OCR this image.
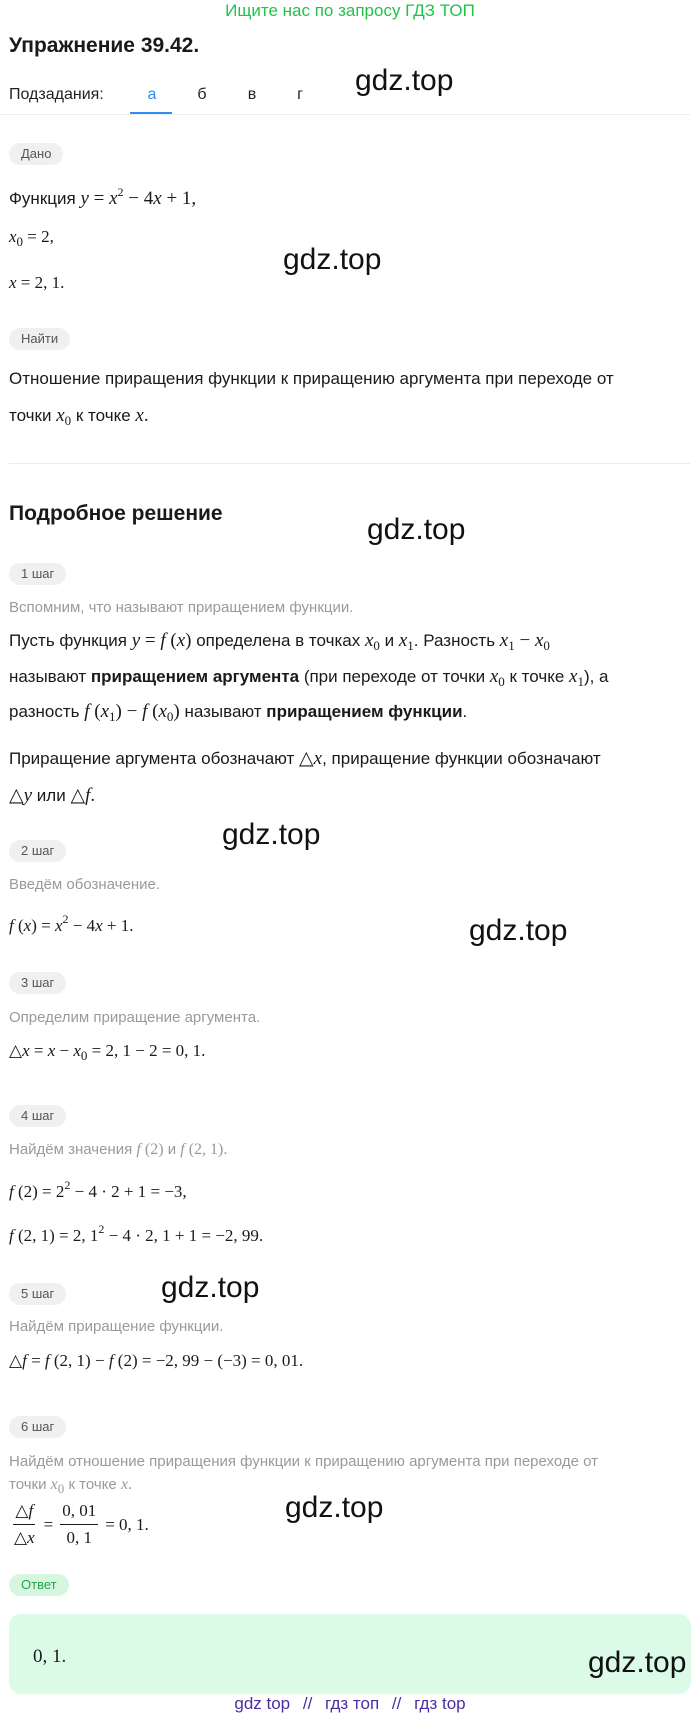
Ищите нас по запросу ГДЗ ТОП
Упражнение 39.42.
Подзадания:	а	б	в	г	gdz.top
Дано
Функция $y = x^2 - 4x + 1$,
$x_0 = 2$,
x = 2, 1.
gdz.top
Найти
Отношение приращения функции к приращению аргумента при переходе от
точки $x_0$ к точке x.
Подробное решение	gdz.top
1 шаг
Вспомним, что называют приращением функции.
Пусть функция y = f (x) определена в точках $x_0$ и $x_1$. Разность $x_1 - x_0$
называют приращением аргумента (при переходе от точки $x_0$ к точке $x_1$), а
разность f $(x_1) - f$ $(x_0)$ называют приращением функции.
Приращение аргумента обозначают △x, приращение функции обозначают
△y или △f.
gdz.top
2 шаг
Введём обозначение.
f $(x) = x^2 - 4x + 1$.	gdz.top
3 шаг
Определим приращение аргумента.
△x = $x - x_0 = 2$, 1 − 2 = 0, 1.
4 шаг
Найдём значения f (2) и f (2, 1).
f $(2) = 2^2 - 4 \cdot 2 + 1 = -3$,
f (2, 1) = 2, $1^2 - 4 \cdot 2$, 1 + 1 = −2, 99.
5 шаг	gdz.top
Найдём приращение функции.
△f = f (2, 1) − f (2) = −2, 99 − (−3) = 0, 01.
6 шаг
Найдём отношение приращения функции к приращению аргумента при переходе от
точки $x_0$ к точке x.
$\frac{\triangle f}{\triangle x} = \frac{0, 01}{0, 1} = 0$, 1.	gdz.top
Ответ
0, 1.	gdz.top
gdz top // гдз топ // гдз top
